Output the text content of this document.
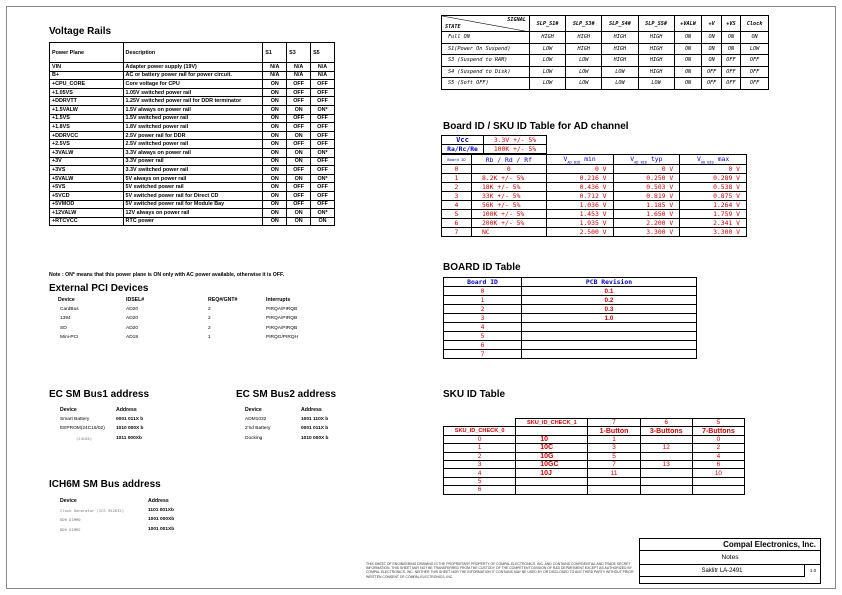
Voltage Rails
Power Plane	Description	S1	S3	S5
VIN	Adapter power supply (19V)	N/A	N/A	N/A
B+	AC or battery power rail for power circuit.	N/A	N/A	N/A
+CPU_CORE	Core voltage for CPU	ON	OFF	OFF
+1.05VS	1.05V switched power rail	ON	OFF	OFF
+DDRVTT	1.25V switched power rail for DDR terminator	ON	OFF	OFF
+1.5VALW	1.5V always on power rail	ON	ON	ON*
+1.5VS	1.5V switched power rail	ON	OFF	OFF
+1.8VS	1.8V switched power rail	ON	OFF	OFF
+DDRVCC	2.5V power rail for DDR	ON	ON	OFF
+2.5VS	2.5V switched power rail	ON	OFF	OFF
+3VALW	3.3V always on power rail	ON	ON	ON*
+3V	3.3V power rail	ON	ON	OFF
+3VS	3.3V switched power rail	ON	OFF	OFF
+5VALW	5V always on power rail	ON	ON	ON*
+5VS	5V switched power rail	ON	OFF	OFF
+5VCD	5V switched power rail for Direct CD	ON	OFF	OFF
+5VMOD	5V switched power rail for Module Bay	ON	OFF	OFF
+12VALW	12V always on power rail	ON	ON	ON*
+RTCVCC	RTC power	ON	ON	ON
Note : ON* means that this power plane is ON only with AC power available, otherwise it is OFF.
External PCI Devices
Device	IDSEL#	REQ#/GNT#	Interrupts
CardBus	AD20	2	PIRQA/PIRQB
1394	AD20	2	PIRQA/PIRQB
SD	AD20	2	PIRQA/PIRQB
Mini-PCI	AD18	1	PIRQG/PIRQH
EC SM Bus1 address
Device	Address
Smart Battery	0001 011X b
EEPROM(24C16/02)	1010 000X b
(24C04)	1011 000Xb
EC SM Bus2 address
Device	Address
ADM1032	1001 110X b
2'nd Battery	0001 011X b
Docking	1010 000X b
ICH6M SM Bus address
Device	Address
Clock Generator (ICS 952632)	1101 001Xb
DDR DIMM0	1001 000Xb
DDR DIMM2	1001 001Xb
SIGNAL
STATE	SLP_S1#	SLP_S3#	SLP_S4#	SLP_S5#	+VALW	+V	+VS	Clock
Full ON	HIGH	HIGH	HIGH	HIGH	ON	ON	ON	ON
S1(Power On Suspend)	LOW	HIGH	HIGH	HIGH	ON	ON	ON	LOW
S3 (Suspend to RAM)	LOW	LOW	HIGH	HIGH	ON	ON	OFF	OFF
S4 (Suspend to Disk)	LOW	LOW	LOW	HIGH	ON	OFF	OFF	OFF
S5 (Soft OFF)	LOW	LOW	LOW	LOW	ON	OFF	OFF	OFF
Board ID / SKU ID Table for AD channel
Vcc	3.3V +/- 5%
Ra/Rc/Re	100K +/- 5%
Board ID	Rb / Rd / Rf	$V_{AD\_BID}$ min	$V_{AD\_BID}$ typ	$V_{AD\_BID}$ max
0	0	0 V	0 V	0 V
1	8.2K +/- 5%	0.216 V	0.250 V	0.289 V
2	18K +/- 5%	0.436 V	0.503 V	0.538 V
3	33K +/- 5%	0.712 V	0.819 V	0.875 V
4	56K +/- 5%	1.036 V	1.185 V	1.264 V
5	100K +/- 5%	1.453 V	1.650 V	1.759 V
6	200K +/- 5%	1.935 V	2.200 V	2.341 V
7	NC	2.500 V	3.300 V	3.300 V
BOARD ID Table
Board ID	PCB Revision
0	0.1
1	0.2
2	0.3
3	1.0
4	
5	
6	
7	
SKU ID Table
	SKU_ID_CHECK_1	7	6	5
SKU_ID_CHECK_0		1-Button	3-Buttons	7-Buttons
0	10	1		0
1	10C	3	12	2
2	10G	5		4
3	10GC	7	13	6
4	10J	11		10
5				
6				
Compal Electronics, Inc.
Notes
Saklitr LA-2491	1.0
THIS SHEET OF ENGINEERING DRAWING IS THE PROPRIETARY PROPERTY OF COMPAL ELECTRONICS, INC. AND CONTAINS CONFIDENTIAL AND TRADE SECRET INFORMATION. THIS SHEET MAY NOT BE TRANSFERRED FROM THE CUSTODY OF THE COMPETENT DIVISION OF R&D DEPARTMENT EXCEPT AS AUTHORIZED BY COMPAL ELECTRONICS, INC. NEITHER THIS SHEET NOR THE INFORMATION IT CONTAINS MAY BE USED BY OR DISCLOSED TO ANY THIRD PARTY WITHOUT PRIOR WRITTEN CONSENT OF COMPAL ELECTRONICS, INC.
